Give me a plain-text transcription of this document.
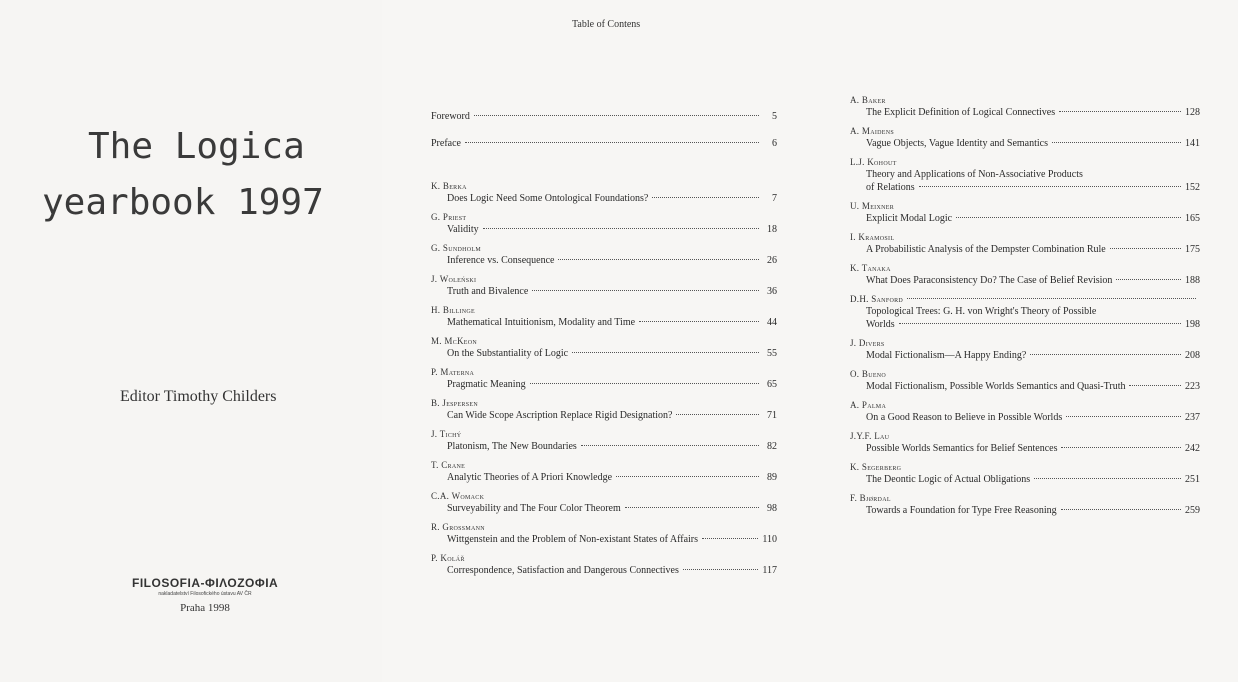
The Logica
yearbook 1997
Editor Timothy Childers
FILOSOFIA-ΦΙΛΟΖΟΦΙΑ
nakladatelství Filosofického ústavu AV ČR
Praha 1998
Table of Contens
Foreword	5
Preface	6
K. Berka
Does Logic Need Some Ontological Foundations?	7
G. Priest
Validity	18
G. Sundholm
Inference vs. Consequence	26
J. Woleński
Truth and Bivalence	36
H. Billinge
Mathematical Intuitionism, Modality and Time	44
M. McKeon
On the Substantiality of Logic	55
P. Materna
Pragmatic Meaning	65
B. Jespersen
Can Wide Scope Ascription Replace Rigid Designation?	71
J. Tichý
Platonism, The New Boundaries	82
T. Crane
Analytic Theories of A Priori Knowledge	89
C.A. Womack
Surveyability and The Four Color Theorem	98
R. Grossmann
Wittgenstein and the Problem of Non-existant States of Affairs	110
P. Kolář
Correspondence, Satisfaction and Dangerous Connectives	117
A. Baker
The Explicit Definition of Logical Connectives	128
A. Maidens
Vague Objects, Vague Identity and Semantics	141
L.J. Kohout
Theory and Applications of Non-Associative Products
of Relations	152
U. Meixner
Explicit Modal Logic	165
I. Kramosil
A Probabilistic Analysis of the Dempster Combination Rule	175
K. Tanaka
What Does Paraconsistency Do? The Case of Belief Revision	188
D.H. Sanford
Topological Trees: G. H. von Wright's Theory of Possible
Worlds	198
J. Divers
Modal Fictionalism—A Happy Ending?	208
O. Bueno
Modal Fictionalism, Possible Worlds Semantics and Quasi-Truth	223
A. Palma
On a Good Reason to Believe in Possible Worlds	237
J.Y.F. Lau
Possible Worlds Semantics for Belief Sentences	242
K. Segerberg
The Deontic Logic of Actual Obligations	251
F. Bjørdal
Towards a Foundation for Type Free Reasoning	259
